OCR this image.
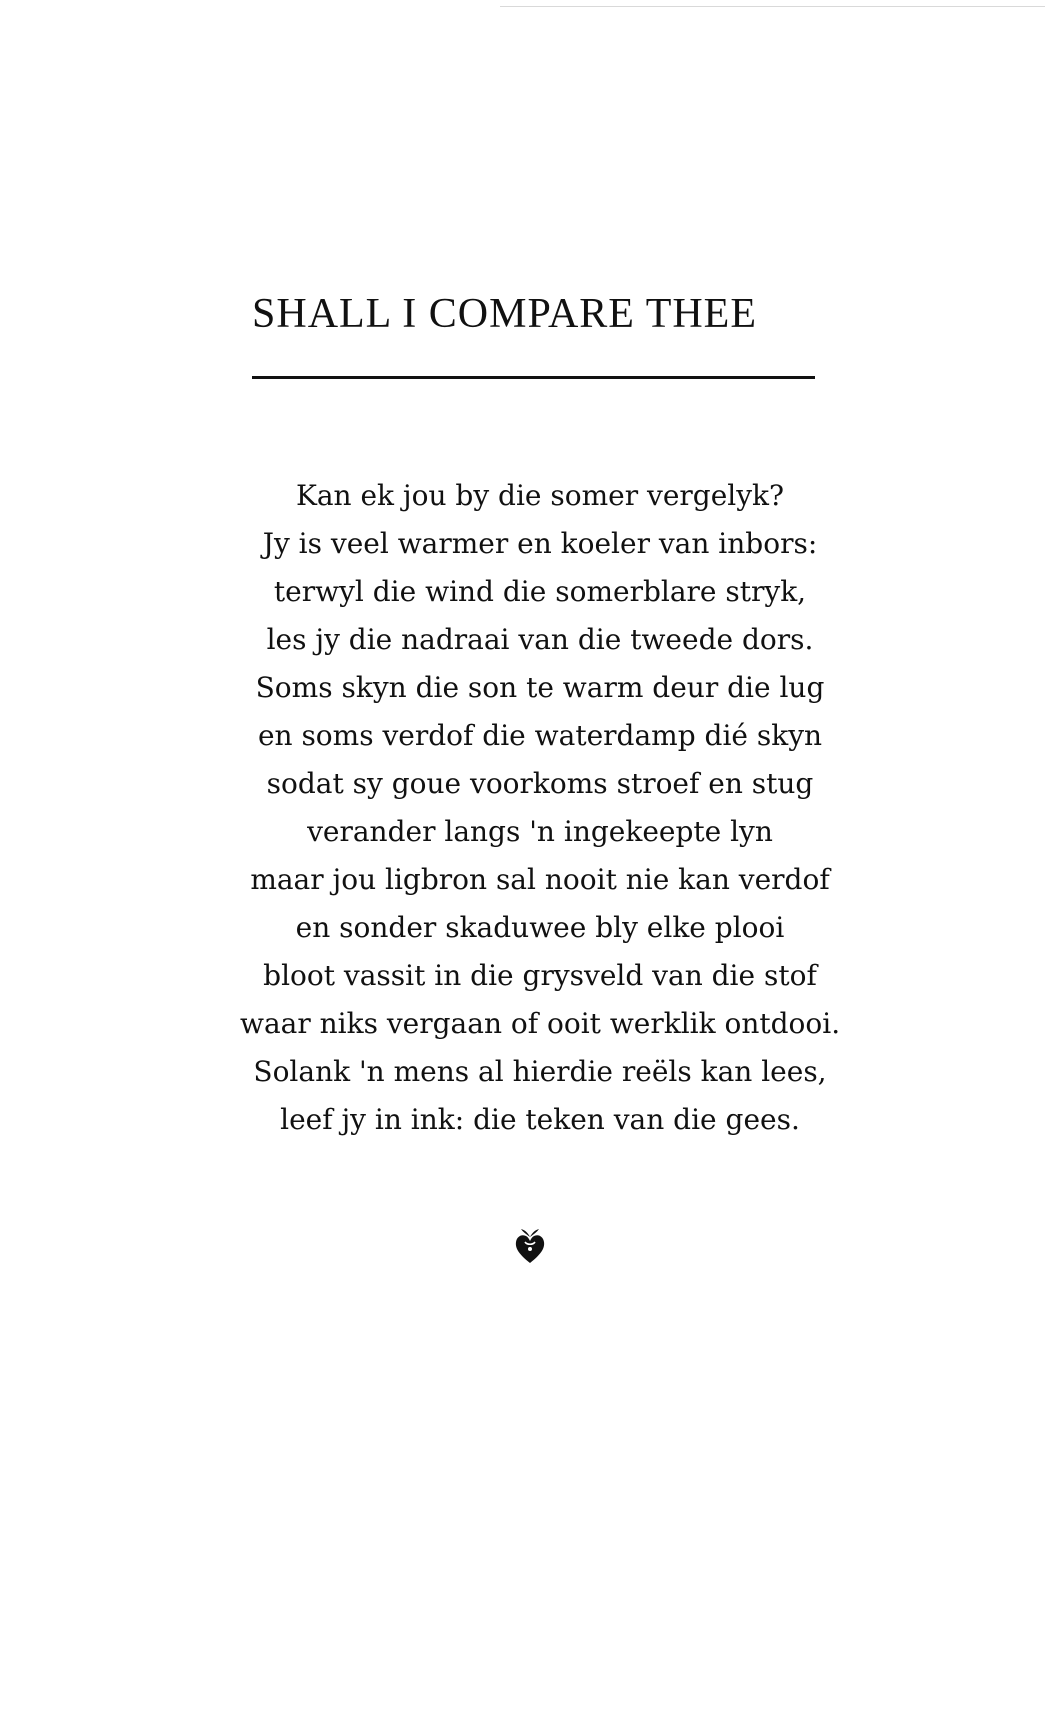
SHALL I COMPARE THEE
Kan ek jou by die somer vergelyk?
Jy is veel warmer en koeler van inbors:
terwyl die wind die somerblare stryk,
les jy die nadraai van die tweede dors.
Soms skyn die son te warm deur die lug
en soms verdof die waterdamp dié skyn
sodat sy goue voorkoms stroef en stug
verander langs 'n ingekeepte lyn
maar jou ligbron sal nooit nie kan verdof
en sonder skaduwee bly elke plooi
bloot vassit in die grysveld van die stof
waar niks vergaan of ooit werklik ontdooi.
Solank 'n mens al hierdie reëls kan lees,
leef jy in ink: die teken van die gees.
